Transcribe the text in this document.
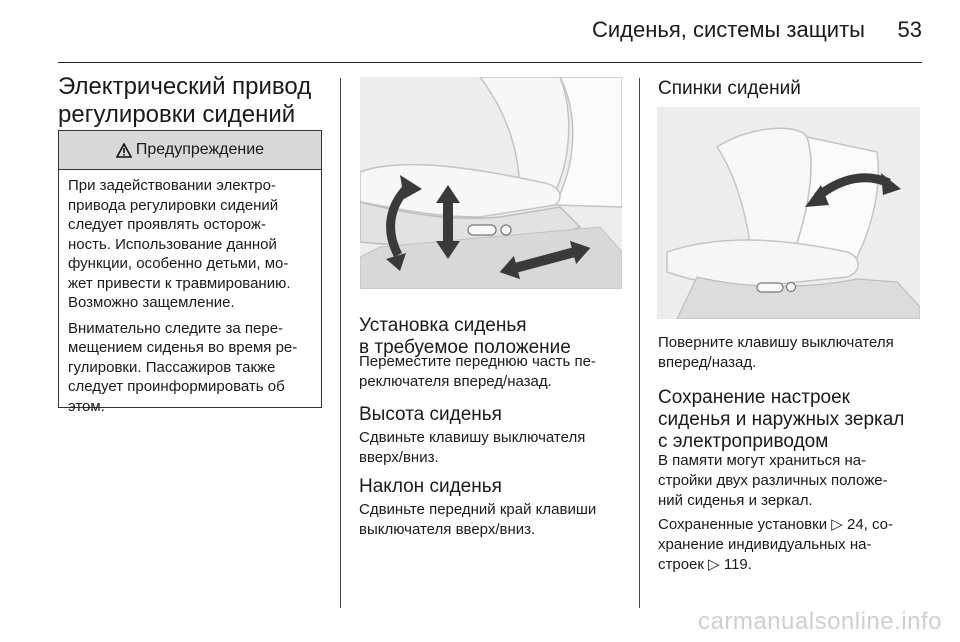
Сиденья, системы защиты 53
Электрический привод
регулировки сидений
Предупреждение

При задействовании электро-
привода регулировки сидений
следует проявлять осторож-
ность. Использование данной
функции, особенно детьми, мо-
жет привести к травмированию.
Возможно защемление.

Внимательно следите за пере-
мещением сиденья во время ре-
гулировки. Пассажиров также
следует проинформировать об
этом.

Установка сиденья
в требуемое положение

Переместите переднюю часть пе-
реключателя вперед/назад.

Высота сиденья

Сдвиньте клавишу выключателя
вверх/вниз.

Наклон сиденья

Сдвиньте передний край клавиши
выключателя вверх/вниз.

Спинки сидений

Поверните клавишу выключателя
вперед/назад.

Сохранение настроек
сиденья и наружных зеркал
с электроприводом

В памяти могут храниться на-
стройки двух различных положе-
ний сиденья и зеркал.

Сохраненные установки ▷ 24, со-
хранение индивидуальных на-
строек ▷ 119.

carmanualsonline.info
